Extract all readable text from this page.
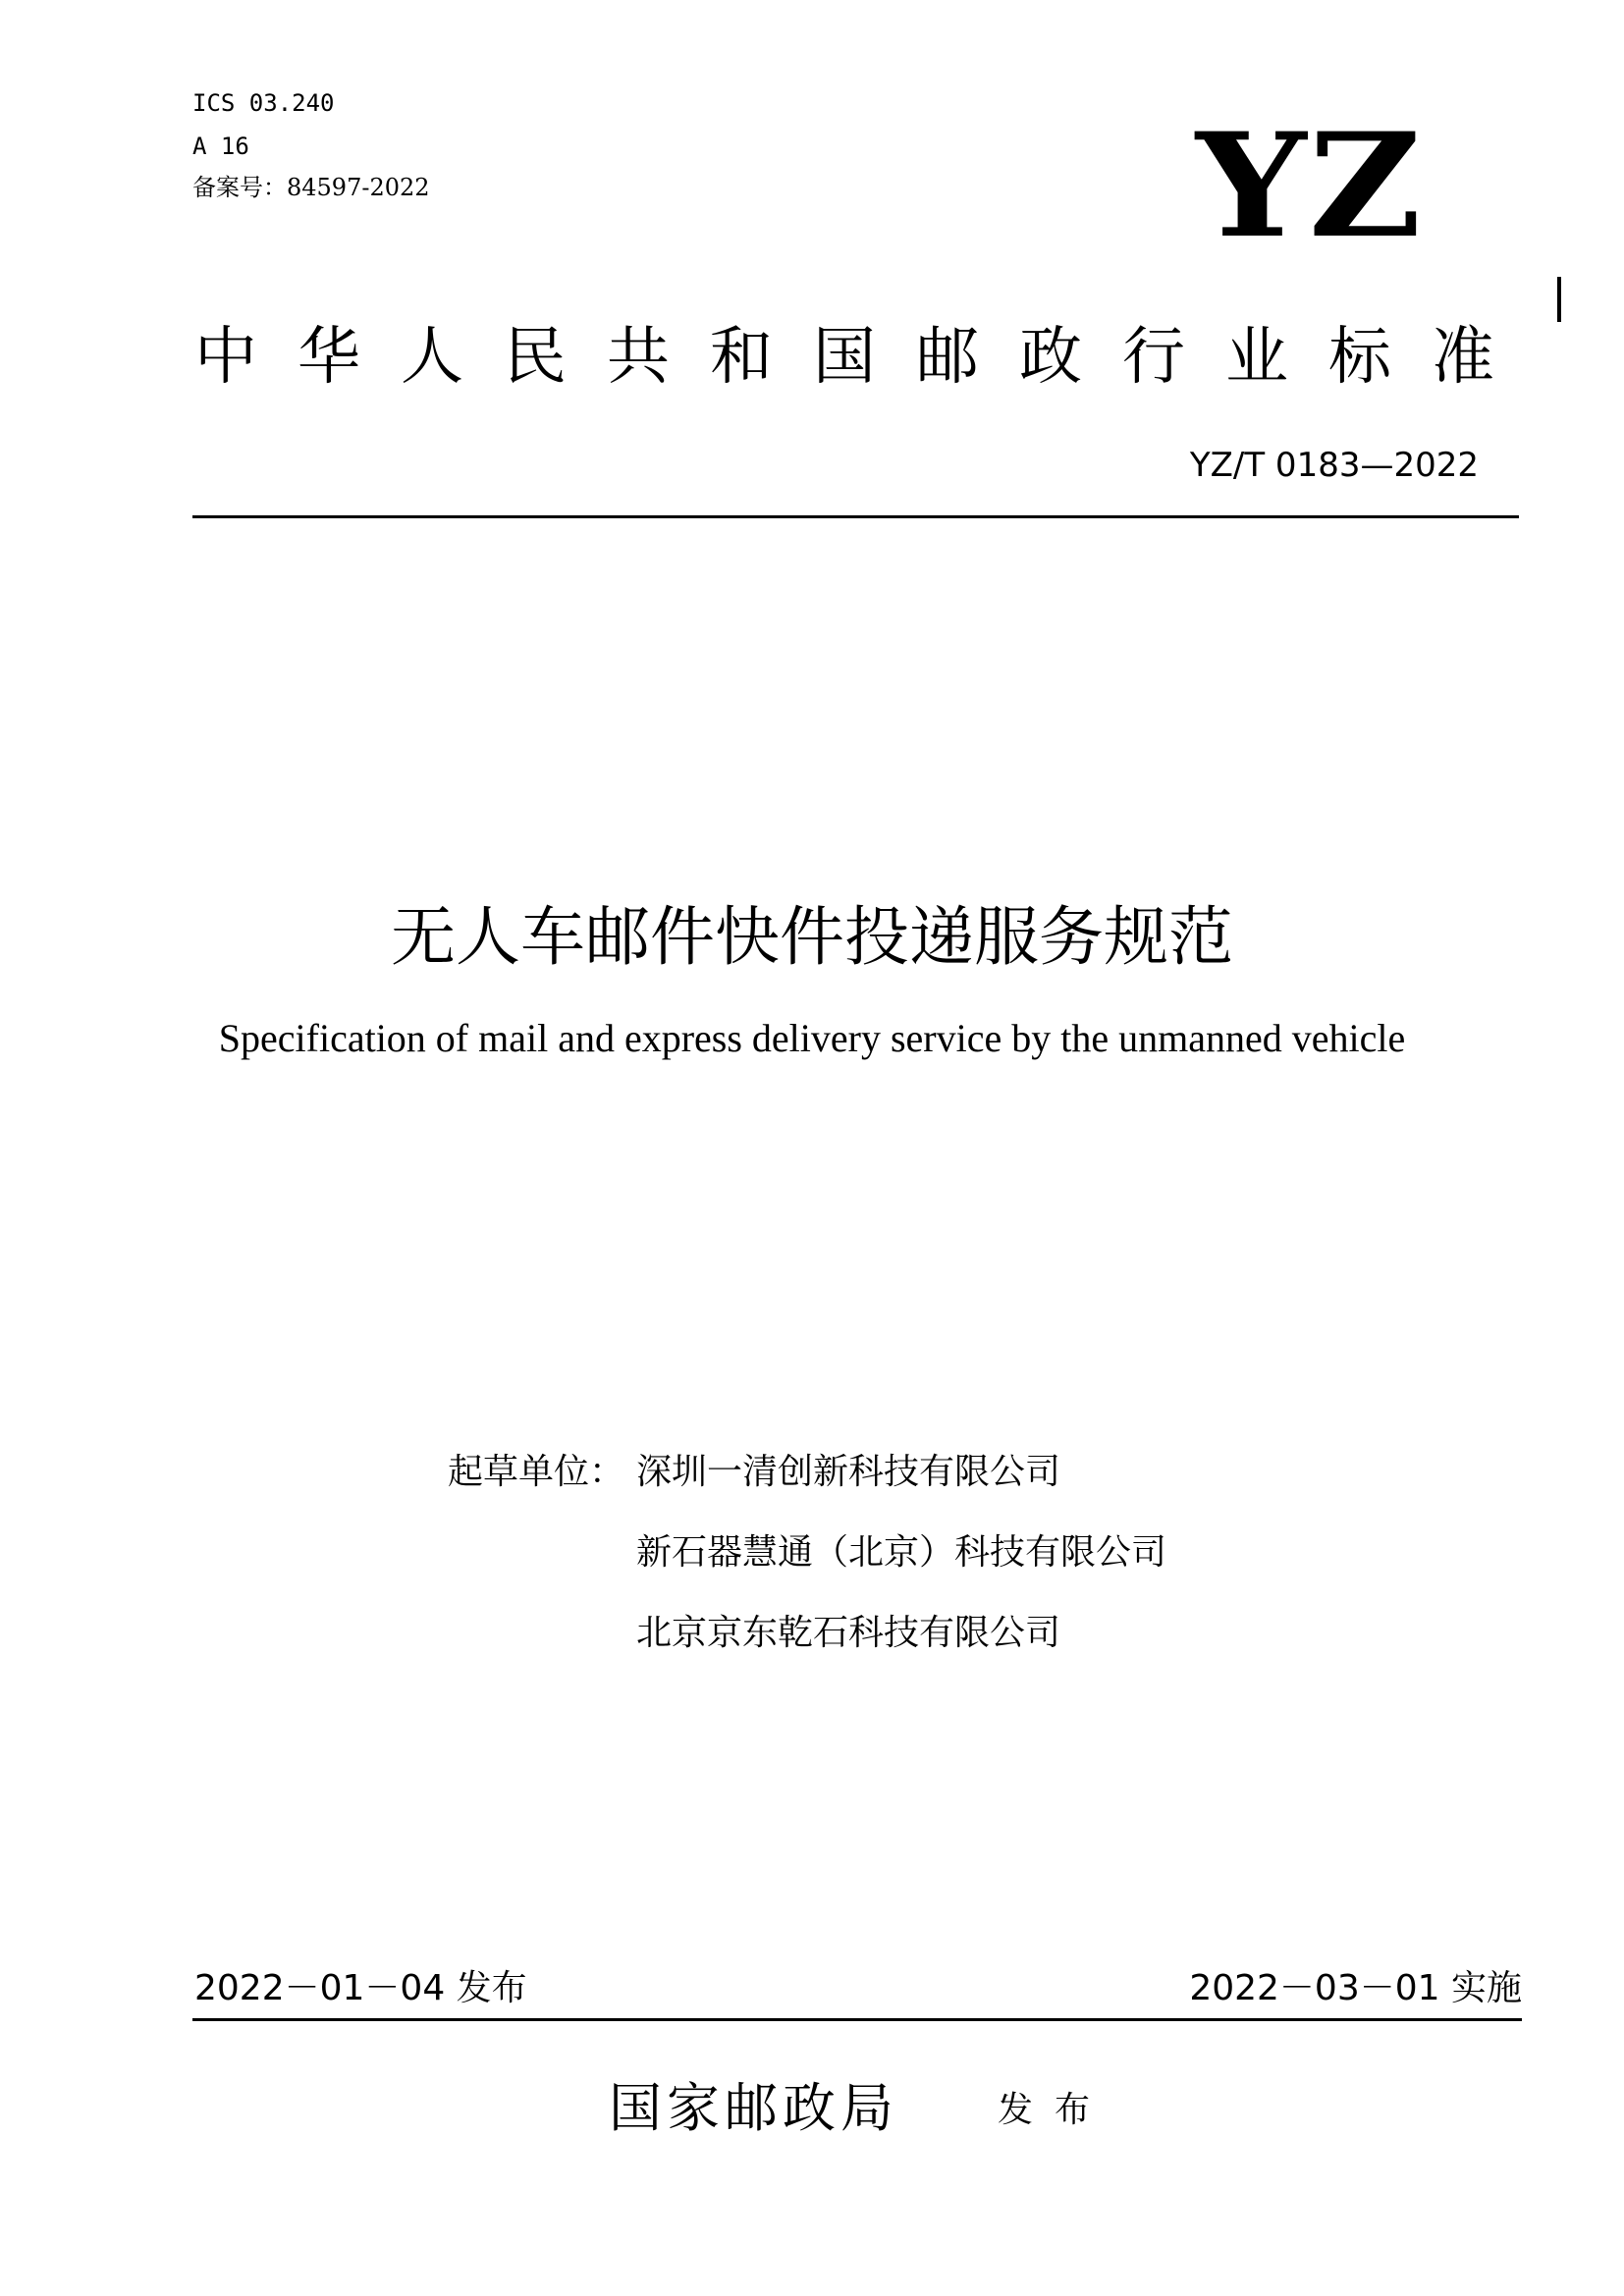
ICS 03.240
A 16
备案号：84597-2022	YZ
中华人民共和国邮政行业标准
YZ/T 0183—2022
无人车邮件快件投递服务规范
Specification of mail and express delivery service by the unmanned vehicle
起草单位： 深圳一清创新科技有限公司
新石器慧通（北京）科技有限公司
北京京东乾石科技有限公司
2022－01－04 发布	2022－03－01 实施
国家邮政局	发布
